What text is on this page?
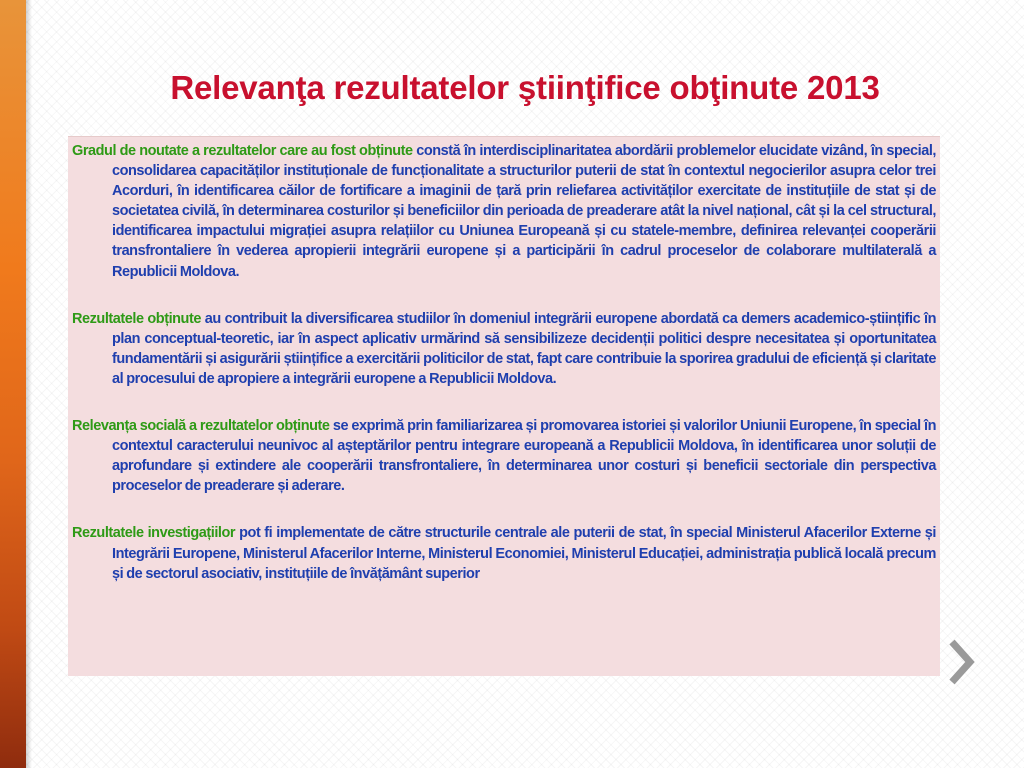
Relevanţa rezultatelor ştiinţifice obţinute 2013

Gradul de noutate a rezultatelor care au fost obținute constă în interdisciplinaritatea abordării problemelor elucidate vizând, în special, consolidarea capacităților instituționale de funcționalitate a structurilor puterii de stat în contextul negocierilor asupra celor trei Acorduri, în identificarea căilor de fortificare a imaginii de țară prin reliefarea activităților exercitate de instituțiile de stat și de societatea civilă, în determinarea costurilor și beneficiilor din perioada de preaderare atât la nivel național, cât și la cel structural, identificarea impactului migrației asupra relațiilor cu Uniunea Europeană și cu statele-membre, definirea relevanței cooperării transfrontaliere în vederea apropierii integrării europene și a participării în cadrul proceselor de colaborare multilaterală a Republicii Moldova.

Rezultatele obținute au contribuit la diversificarea studiilor în domeniul integrării europene abordată ca demers academico-științific în plan conceptual-teoretic, iar în aspect aplicativ urmărind să sensibilizeze decidenții politici despre necesitatea și oportunitatea fundamentării și asigurării științifice a exercitării politicilor de stat, fapt care contribuie la sporirea gradului de eficiență și claritate al procesului de apropiere a integrării europene a Republicii Moldova.

Relevanța socială a rezultatelor obținute se exprimă prin familiarizarea și promovarea istoriei și valorilor Uniunii Europene, în special în contextul caracterului neunivoc al așteptărilor pentru integrare europeană a Republicii Moldova, în identificarea unor soluții de aprofundare și extindere ale cooperării transfrontaliere, în determinarea unor costuri și beneficii sectoriale din perspectiva proceselor de preaderare și aderare.

Rezultatele investigațiilor pot fi implementate de către structurile centrale ale puterii de stat, în special Ministerul Afacerilor Externe și Integrării Europene, Ministerul Afacerilor Interne, Ministerul Economiei, Ministerul Educației, administrația publică locală precum și de sectorul asociativ, instituțiile de învățământ superior
